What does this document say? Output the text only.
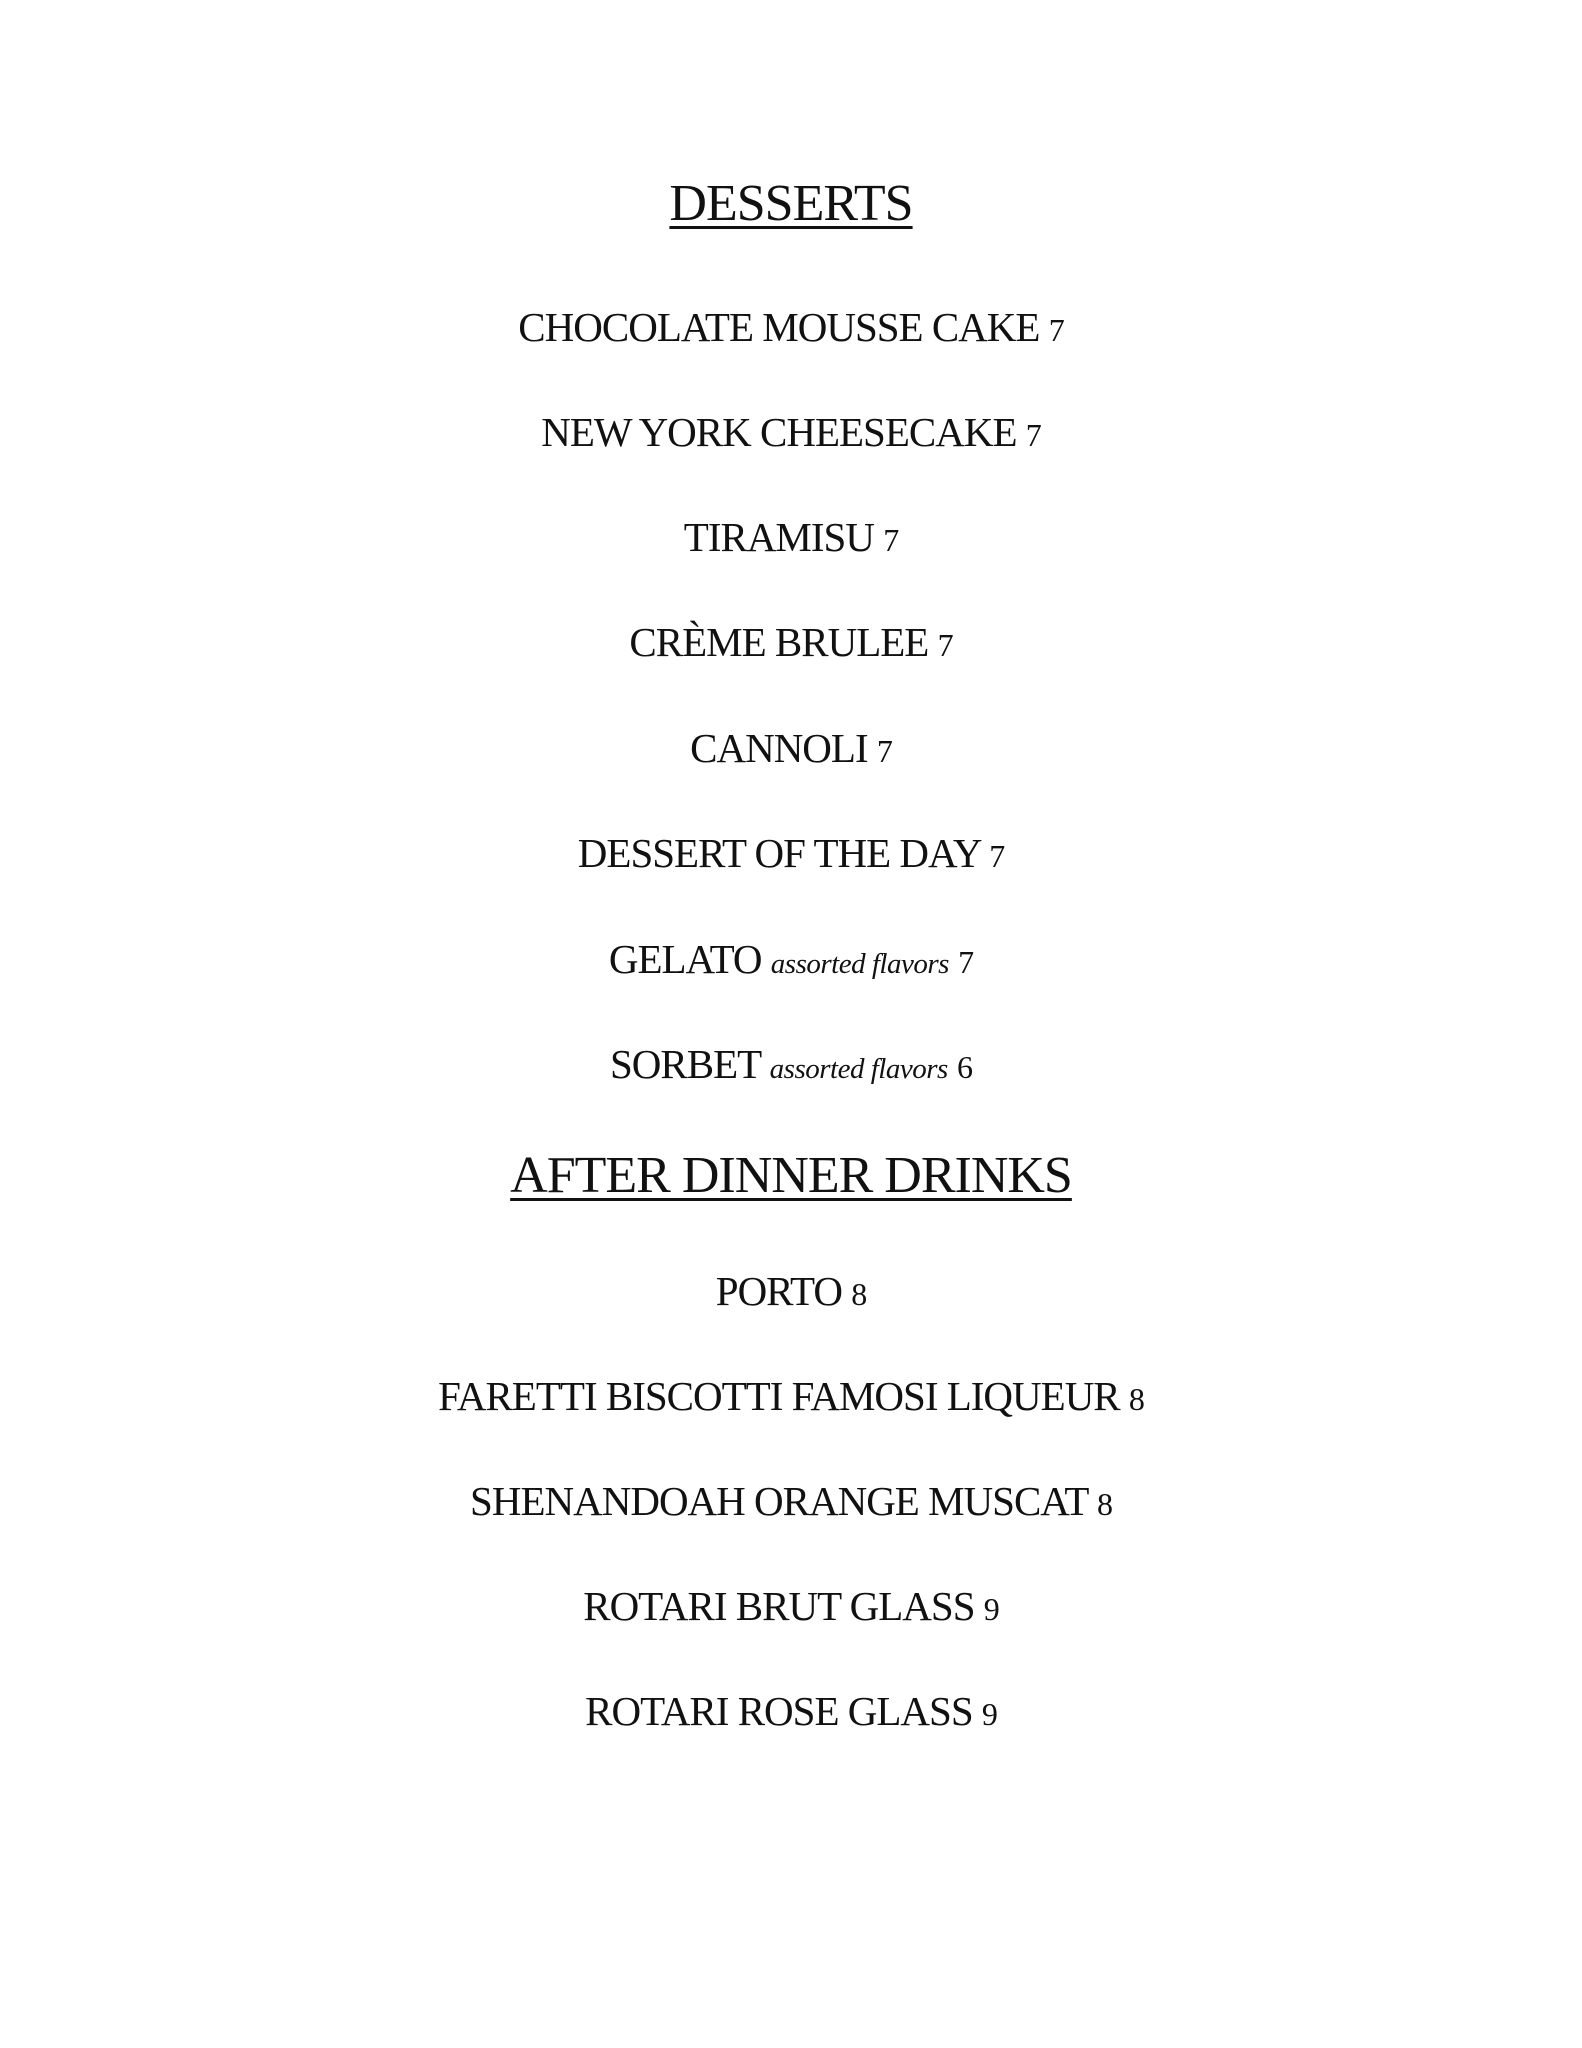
DESSERTS
CHOCOLATE MOUSSE CAKE 7
NEW YORK CHEESECAKE 7
TIRAMISU 7
CRÈME BRULEE 7
CANNOLI 7
DESSERT OF THE DAY 7
GELATO assorted flavors 7
SORBET assorted flavors 6
AFTER DINNER DRINKS
PORTO 8
FARETTI BISCOTTI FAMOSI LIQUEUR 8
SHENANDOAH ORANGE MUSCAT 8
ROTARI BRUT GLASS 9
ROTARI ROSE GLASS 9
